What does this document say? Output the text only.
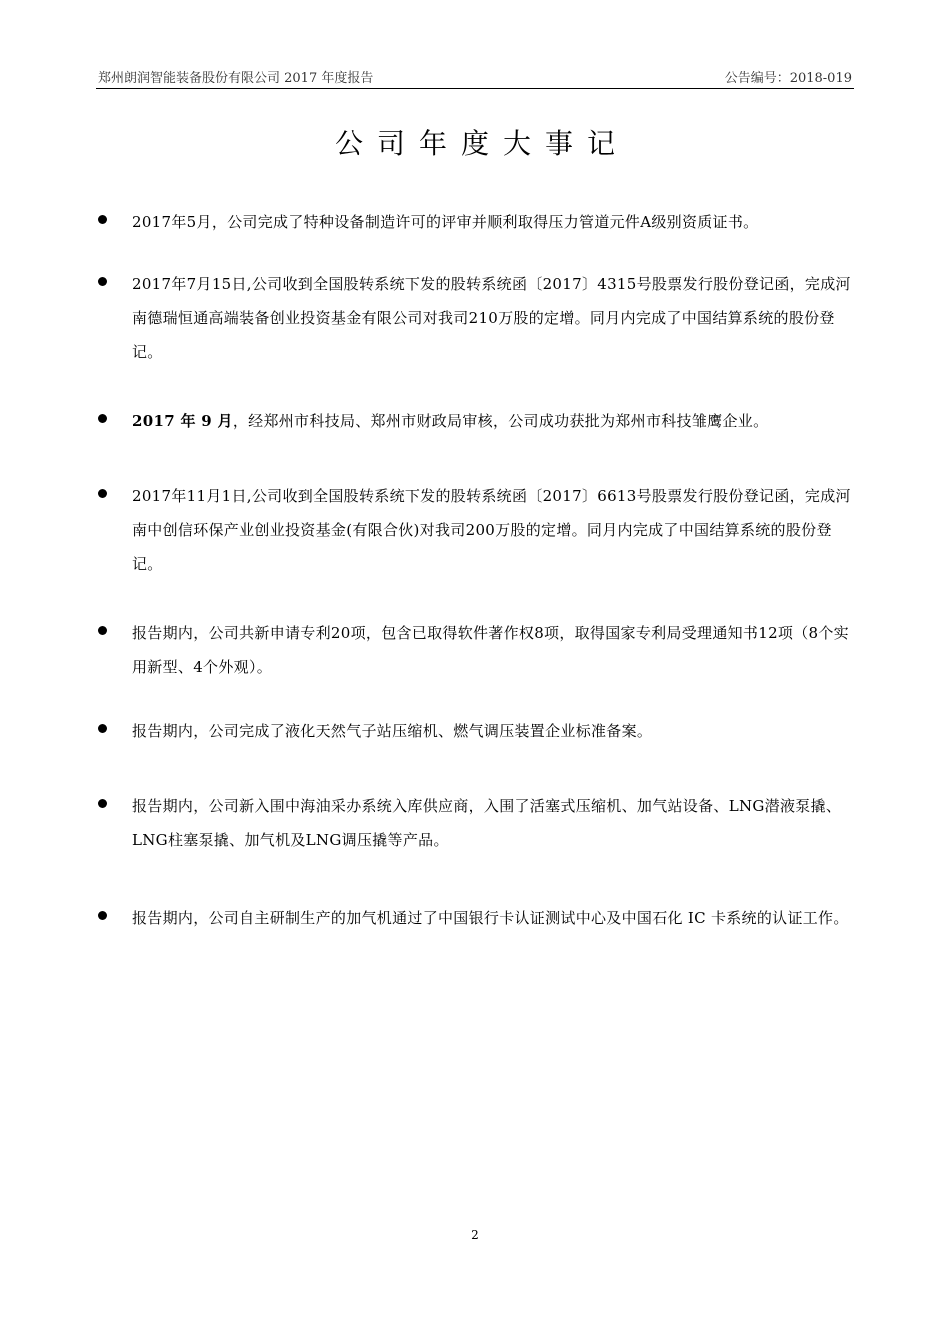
郑州朗润智能装备股份有限公司 2017 年度报告	公告编号：2018-019
公司年度大事记
2017年5月，公司完成了特种设备制造许可的评审并顺利取得压力管道元件A级别资质证书。
2017年7月15日,公司收到全国股转系统下发的股转系统函〔2017〕4315号股票发行股份登记函，完成河南德瑞恒通高端装备创业投资基金有限公司对我司210万股的定增。同月内完成了中国结算系统的股份登记。
2017 年 9 月，经郑州市科技局、郑州市财政局审核，公司成功获批为郑州市科技雏鹰企业。
2017年11月1日,公司收到全国股转系统下发的股转系统函〔2017〕6613号股票发行股份登记函，完成河南中创信环保产业创业投资基金(有限合伙)对我司200万股的定增。同月内完成了中国结算系统的股份登记。
报告期内，公司共新申请专利20项，包含已取得软件著作权8项，取得国家专利局受理通知书12项（8个实用新型、4个外观）。
报告期内，公司完成了液化天然气子站压缩机、燃气调压装置企业标准备案。
报告期内，公司新入围中海油采办系统入库供应商，入围了活塞式压缩机、加气站设备、LNG潜液泵撬、LNG柱塞泵撬、加气机及LNG调压撬等产品。
报告期内，公司自主研制生产的加气机通过了中国银行卡认证测试中心及中国石化 IC 卡系统的认证工作。
2
